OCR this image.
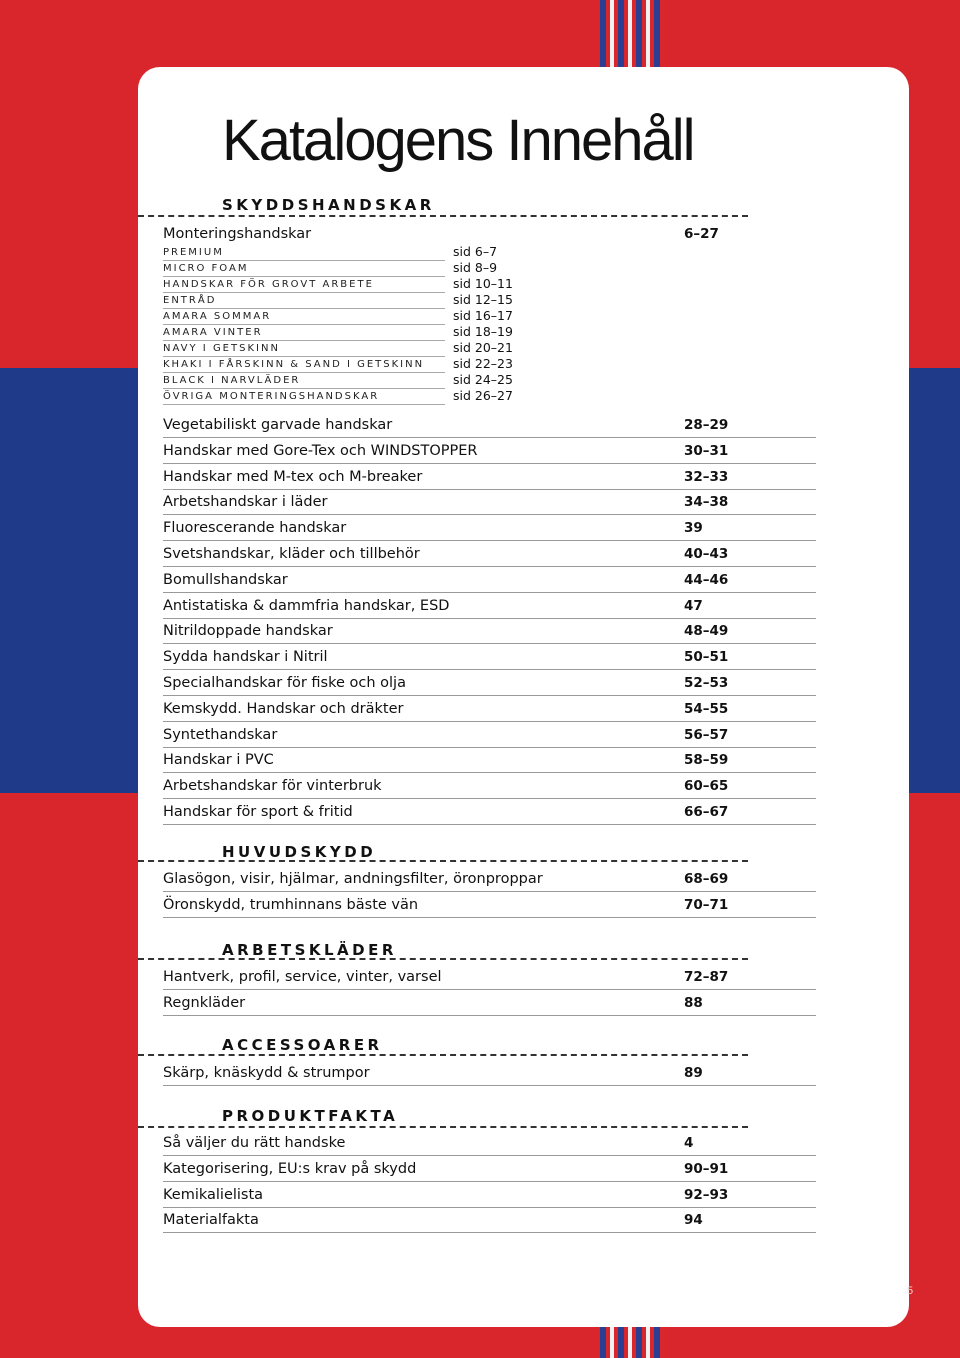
Katalogens Innehåll
SKYDDSHANDSKAR
Monteringshandskar	6–27
PREMIUM	sid 6–7
MICRO FOAM	sid 8–9
HANDSKAR FÖR GROVT ARBETE	sid 10–11
ENTRÅD	sid 12–15
AMARA SOMMAR	sid 16–17
AMARA VINTER	sid 18–19
NAVY I GETSKINN	sid 20–21
KHAKI I FÅRSKINN & SAND I GETSKINN sid 22–23
BLACK I NARVLÄDER	sid 24–25
ÖVRIGA MONTERINGSHANDSKAR	sid 26–27
Vegetabiliskt garvade handskar	28–29
Handskar med Gore-Tex och WINDSTOPPER	30–31
Handskar med M-tex och M-breaker	32–33
Arbetshandskar i läder	34–38
Fluorescerande handskar	39
Svetshandskar, kläder och tillbehör	40–43
Bomullshandskar	44–46
Antistatiska & dammfria handskar, ESD	47
Nitrildoppade handskar	48–49
Sydda handskar i Nitril	50–51
Specialhandskar för fiske och olja	52–53
Kemskydd. Handskar och dräkter	54–55
Syntethandskar	56–57
Handskar i PVC	58–59
Arbetshandskar för vinterbruk	60–65
Handskar för sport & fritid	66–67
HUVUDSKYDD
Glasögon, visir, hjälmar, andningsfilter, öronproppar	68–69
Öronskydd, trumhinnans bäste vän	70–71
ARBETSKLÄDER
Hantverk, profil, service, vinter, varsel	72–87
Regnkläder	88
ACCESSOARER
Skärp, knäskydd & strumpor	89
PRODUKTFAKTA
Så väljer du rätt handske	4
Kategorisering, EU:s krav på skydd	90–91
Kemikalielista	92–93
Materialfakta	94
5
